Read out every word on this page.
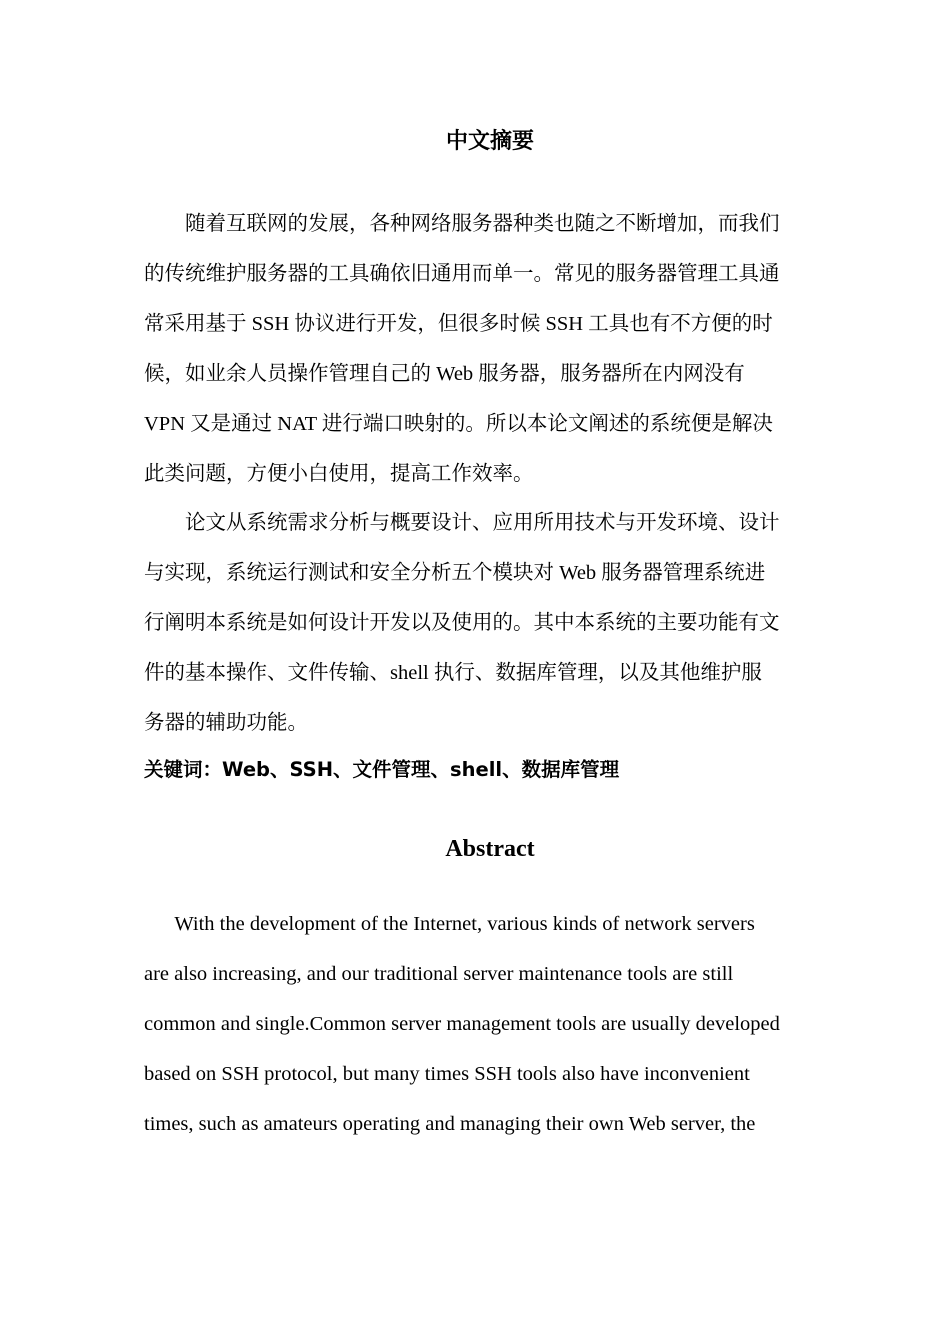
中文摘要
　　随着互联网的发展，各种网络服务器种类也随之不断增加，而我们
的传统维护服务器的工具确依旧通用而单一。常见的服务器管理工具通
常采用基于 SSH 协议进行开发，但很多时候 SSH 工具也有不方便的时
候，如业余人员操作管理自己的 Web 服务器，服务器所在内网没有
VPN 又是通过 NAT 进行端口映射的。所以本论文阐述的系统便是解决
此类问题，方便小白使用，提高工作效率。
　　论文从系统需求分析与概要设计、应用所用技术与开发环境、设计
与实现，系统运行测试和安全分析五个模块对 Web 服务器管理系统进
行阐明本系统是如何设计开发以及使用的。其中本系统的主要功能有文
件的基本操作、文件传输、shell 执行、数据库管理，以及其他维护服
务器的辅助功能。
关键词：Web、SSH、文件管理、shell、数据库管理
Abstract
With the development of the Internet, various kinds of network servers
are also increasing, and our traditional server maintenance tools are still
common and single.Common server management tools are usually developed
based on SSH protocol, but many times SSH tools also have inconvenient
times, such as amateurs operating and managing their own Web server, the
